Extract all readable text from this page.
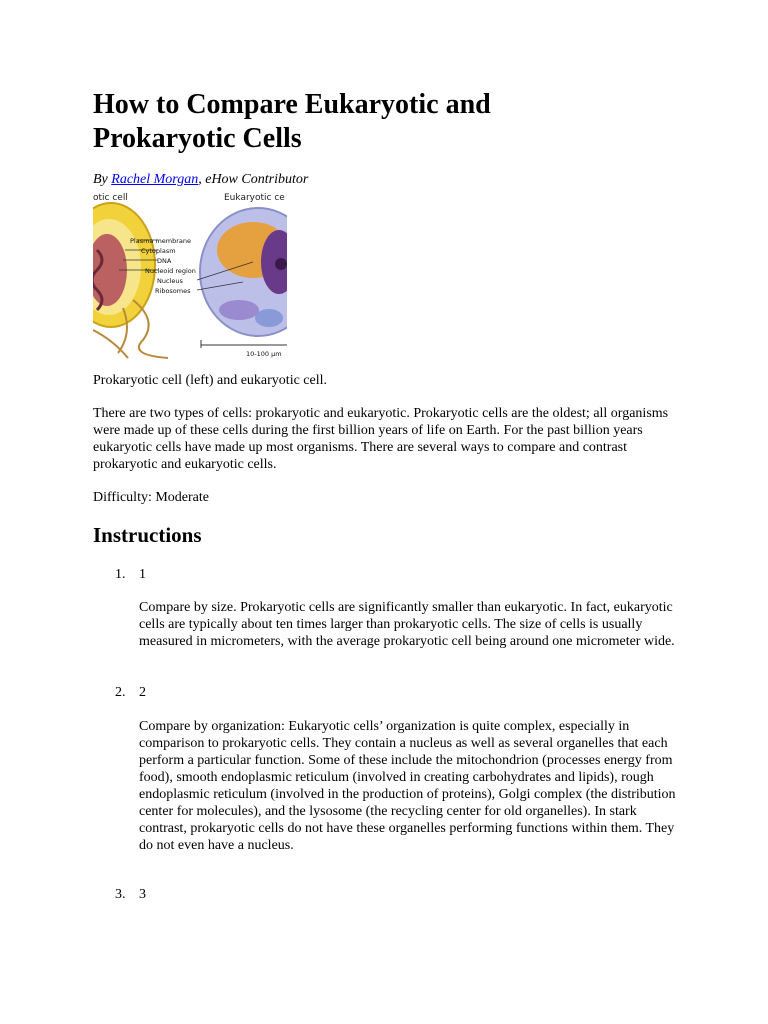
How to Compare Eukaryotic and Prokaryotic Cells

By Rachel Morgan, eHow Contributor

otic cell	Eukaryotic ce
Plasma membrane
Cytoplasm
DNA
Nucleoid region
Nucleus
Ribosomes
10-100 µm

Prokaryotic cell (left) and eukaryotic cell.

There are two types of cells: prokaryotic and eukaryotic. Prokaryotic cells are the oldest; all organisms were made up of these cells during the first billion years of life on Earth. For the past billion years eukaryotic cells have made up most organisms. There are several ways to compare and contrast prokaryotic and eukaryotic cells.

Difficulty: Moderate

Instructions
1. 1

Compare by size. Prokaryotic cells are significantly smaller than eukaryotic. In fact, eukaryotic cells are typically about ten times larger than prokaryotic cells. The size of cells is usually measured in micrometers, with the average prokaryotic cell being around one micrometer wide.

2. 2

Compare by organization: Eukaryotic cells’ organization is quite complex, especially in comparison to prokaryotic cells. They contain a nucleus as well as several organelles that each perform a particular function. Some of these include the mitochondrion (processes energy from food), smooth endoplasmic reticulum (involved in creating carbohydrates and lipids), rough endoplasmic reticulum (involved in the production of proteins), Golgi complex (the distribution center for molecules), and the lysosome (the recycling center for old organelles). In stark contrast, prokaryotic cells do not have these organelles performing functions within them. They do not even have a nucleus.

3. 3
